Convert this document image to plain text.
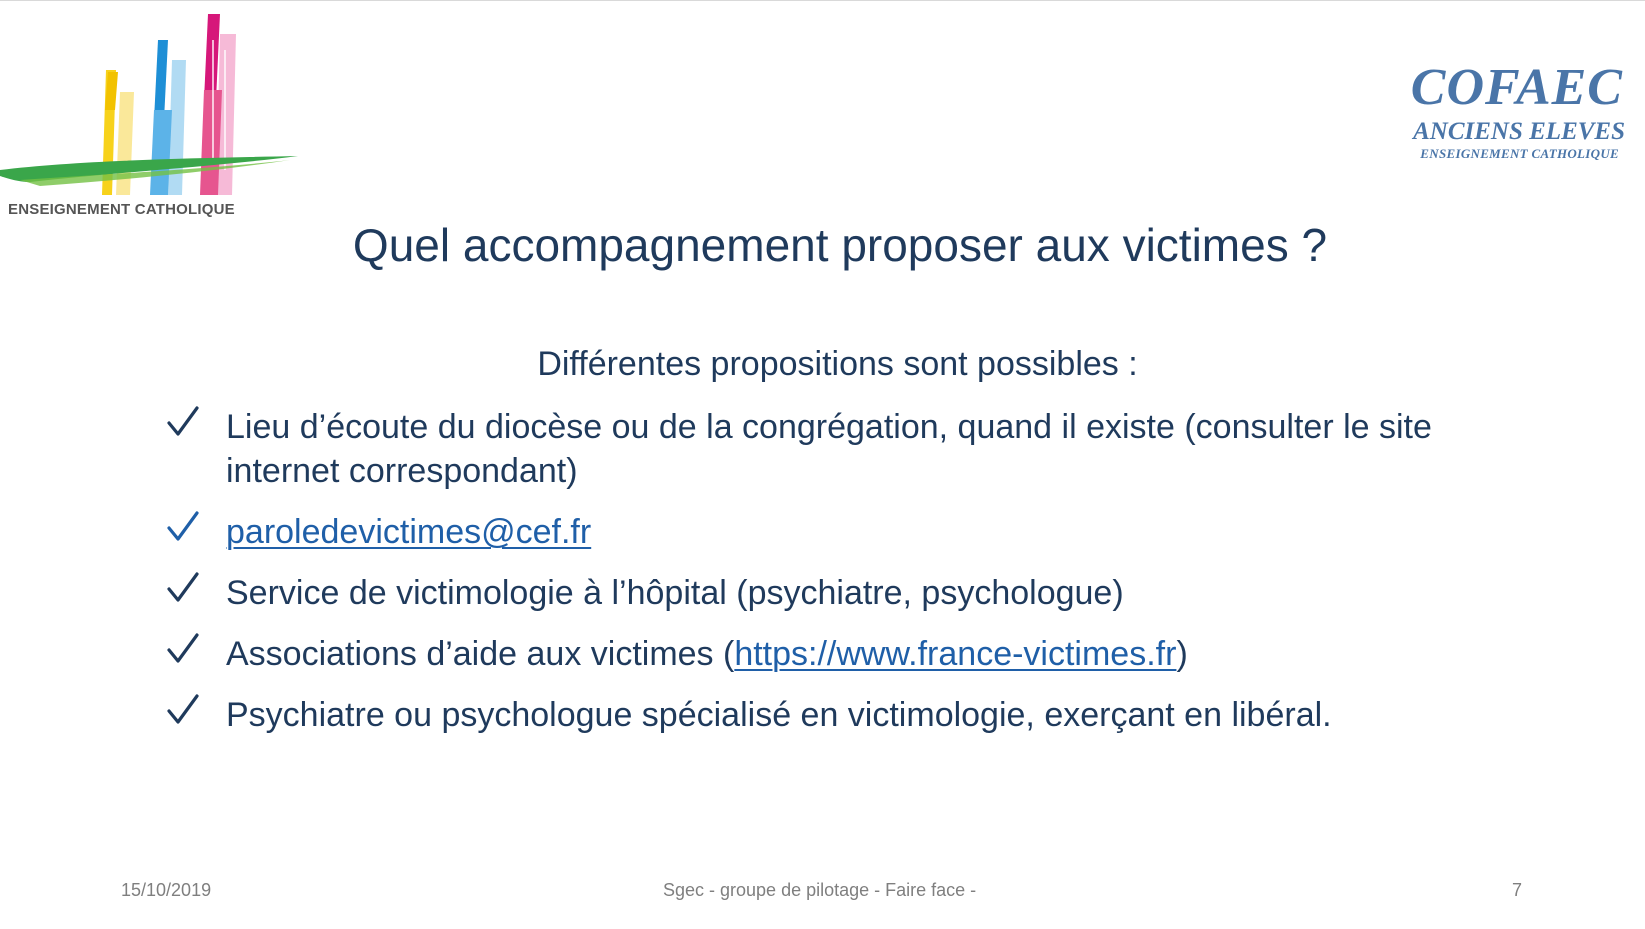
ENSEIGNEMENT CATHOLIQUE
COFAEC
ANCIENS ELEVES
ENSEIGNEMENT CATHOLIQUE
Quel accompagnement proposer aux victimes ?
Différentes propositions sont possibles :
Lieu d’écoute du diocèse ou de la congrégation, quand il existe (consulter le site internet correspondant)
paroledevictimes@cef.fr
Service de victimologie à l’hôpital (psychiatre, psychologue)
Associations d’aide aux victimes (https://www.france-victimes.fr)
Psychiatre ou psychologue spécialisé en victimologie, exerçant en libéral.
15/10/2019	Sgec - groupe de pilotage - Faire face -	7
